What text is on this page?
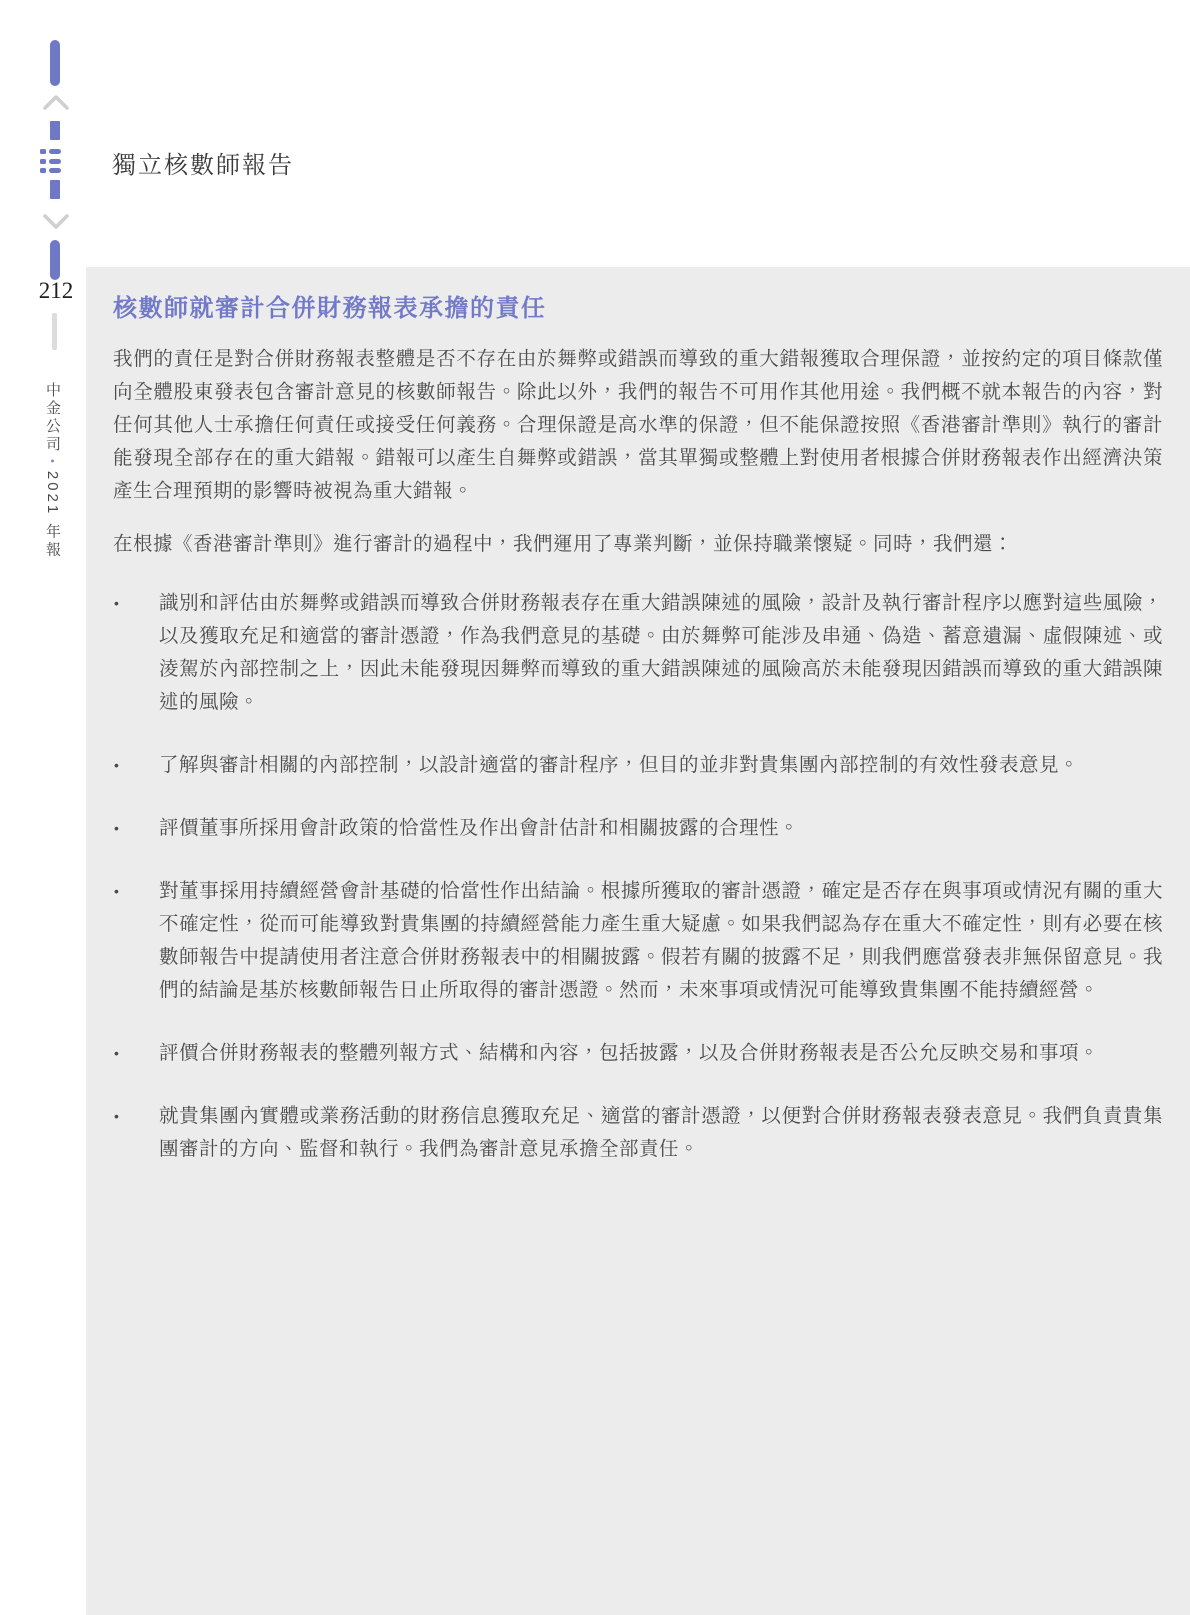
212
中金公司•2021 年報
獨立核數師報告
核數師就審計合併財務報表承擔的責任

我們的責任是對合併財務報表整體是否不存在由於舞弊或錯誤而導致的重大錯報獲取合理保證，並按約定的項目條款僅向全體股東發表包含審計意見的核數師報告。除此以外，我們的報告不可用作其他用途。我們概不就本報告的內容，對任何其他人士承擔任何責任或接受任何義務。合理保證是高水準的保證，但不能保證按照《香港審計準則》執行的審計能發現全部存在的重大錯報。錯報可以產生自舞弊或錯誤，當其單獨或整體上對使用者根據合併財務報表作出經濟決策產生合理預期的影響時被視為重大錯報。

在根據《香港審計準則》進行審計的過程中，我們運用了專業判斷，並保持職業懷疑。同時，我們還：

• 識別和評估由於舞弊或錯誤而導致合併財務報表存在重大錯誤陳述的風險，設計及執行審計程序以應對這些風險，以及獲取充足和適當的審計憑證，作為我們意見的基礎。由於舞弊可能涉及串通、偽造、蓄意遺漏、虛假陳述、或淩駕於內部控制之上，因此未能發現因舞弊而導致的重大錯誤陳述的風險高於未能發現因錯誤而導致的重大錯誤陳述的風險。
• 了解與審計相關的內部控制，以設計適當的審計程序，但目的並非對貴集團內部控制的有效性發表意見。
• 評價董事所採用會計政策的恰當性及作出會計估計和相關披露的合理性。
• 對董事採用持續經營會計基礎的恰當性作出結論。根據所獲取的審計憑證，確定是否存在與事項或情況有關的重大不確定性，從而可能導致對貴集團的持續經營能力產生重大疑慮。如果我們認為存在重大不確定性，則有必要在核數師報告中提請使用者注意合併財務報表中的相關披露。假若有關的披露不足，則我們應當發表非無保留意見。我們的結論是基於核數師報告日止所取得的審計憑證。然而，未來事項或情況可能導致貴集團不能持續經營。
• 評價合併財務報表的整體列報方式、結構和內容，包括披露，以及合併財務報表是否公允反映交易和事項。
• 就貴集團內實體或業務活動的財務信息獲取充足、適當的審計憑證，以便對合併財務報表發表意見。我們負責貴集團審計的方向、監督和執行。我們為審計意見承擔全部責任。
